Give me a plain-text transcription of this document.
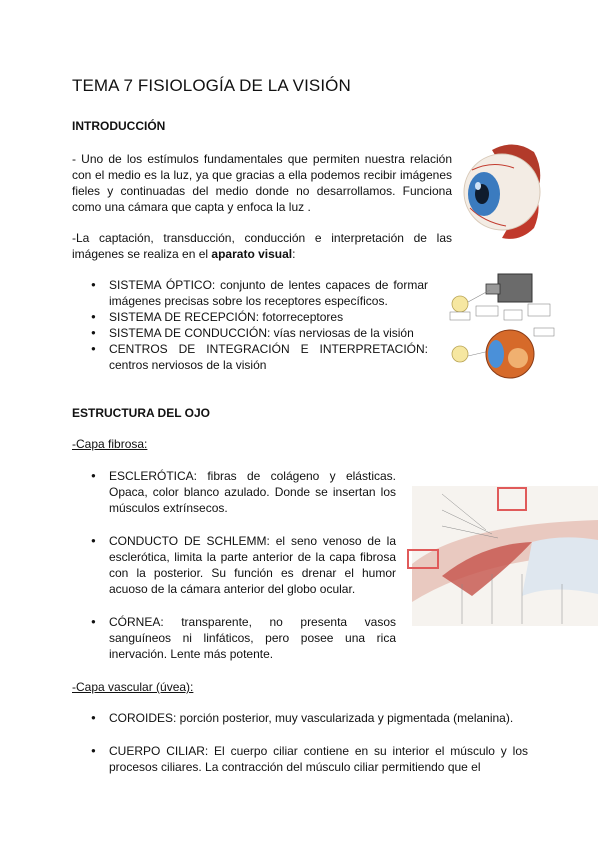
TEMA 7 FISIOLOGÍA DE LA VISIÓN

INTRODUCCIÓN

- Uno de los estímulos fundamentales que permiten nuestra relación con el medio es la luz, ya que gracias a ella podemos recibir imágenes fieles y continuadas del medio donde no desarrollamos. Funciona como una cámara que capta y enfoca la luz .

-La captación, transducción, conducción e interpretación de las imágenes se realiza en el aparato visual:

● SISTEMA ÓPTICO: conjunto de lentes capaces de formar imágenes precisas sobre los receptores específicos.
● SISTEMA DE RECEPCIÓN: fotorreceptores
● SISTEMA DE CONDUCCIÓN: vías nerviosas de la visión
● CENTROS DE INTEGRACIÓN E INTERPRETACIÓN: centros nerviosos de la visión

ESTRUCTURA DEL OJO

-Capa fibrosa:

● ESCLERÓTICA: fibras de colágeno y elásticas. Opaca, color blanco azulado. Donde se insertan los músculos extrínsecos.
● CONDUCTO DE SCHLEMM: el seno venoso de la esclerótica, limita la parte anterior de la capa fibrosa con la posterior. Su función es drenar el humor acuoso de la cámara anterior del globo ocular.
● CÓRNEA: transparente, no presenta vasos sanguíneos ni linfáticos, pero posee una rica inervación. Lente más potente.

-Capa vascular (úvea):

● COROIDES: porción posterior, muy vascularizada y pigmentada (melanina).
● CUERPO CILIAR: El cuerpo ciliar contiene en su interior el músculo y los procesos ciliares. La contracción del músculo ciliar permitiendo que el
